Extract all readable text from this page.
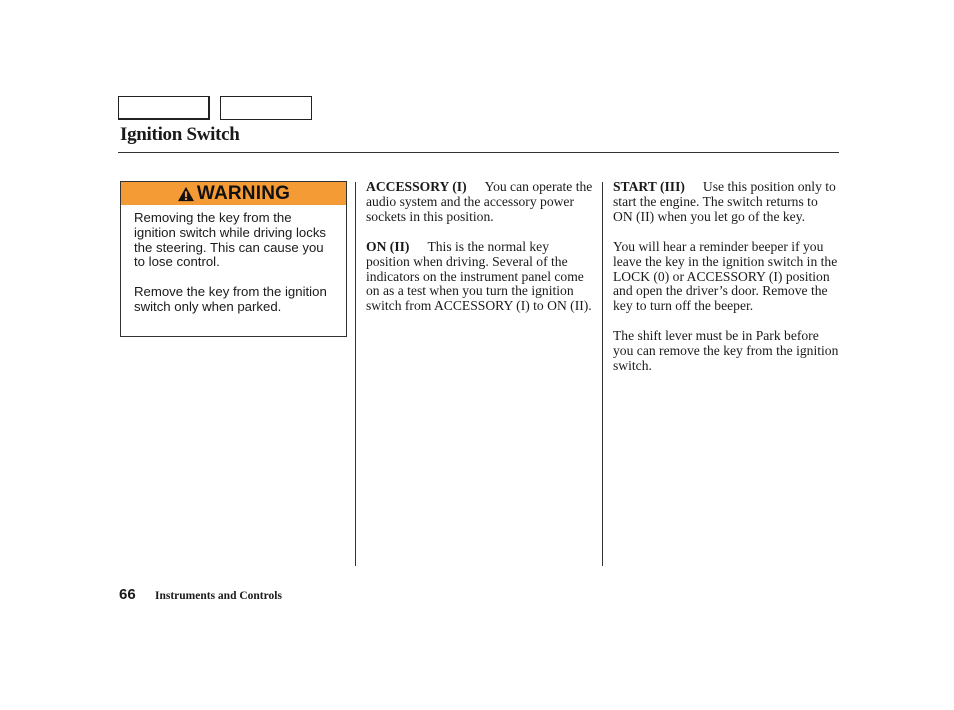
Ignition Switch
WARNING

Removing the key from the ignition switch while driving locks the steering. This can cause you to lose control.

Remove the key from the ignition switch only when parked.

ACCESSORY (I) You can operate the audio system and the accessory power sockets in this position.

ON (II) This is the normal key position when driving. Several of the indicators on the instrument panel come on as a test when you turn the ignition switch from ACCESSORY (I) to ON (II).

START (III) Use this position only to start the engine. The switch returns to ON (II) when you let go of the key.

You will hear a reminder beeper if you leave the key in the ignition switch in the LOCK (0) or ACCESSORY (I) position and open the driver’s door. Remove the key to turn off the beeper.

The shift lever must be in Park before you can remove the key from the ignition switch.

66 Instruments and Controls
